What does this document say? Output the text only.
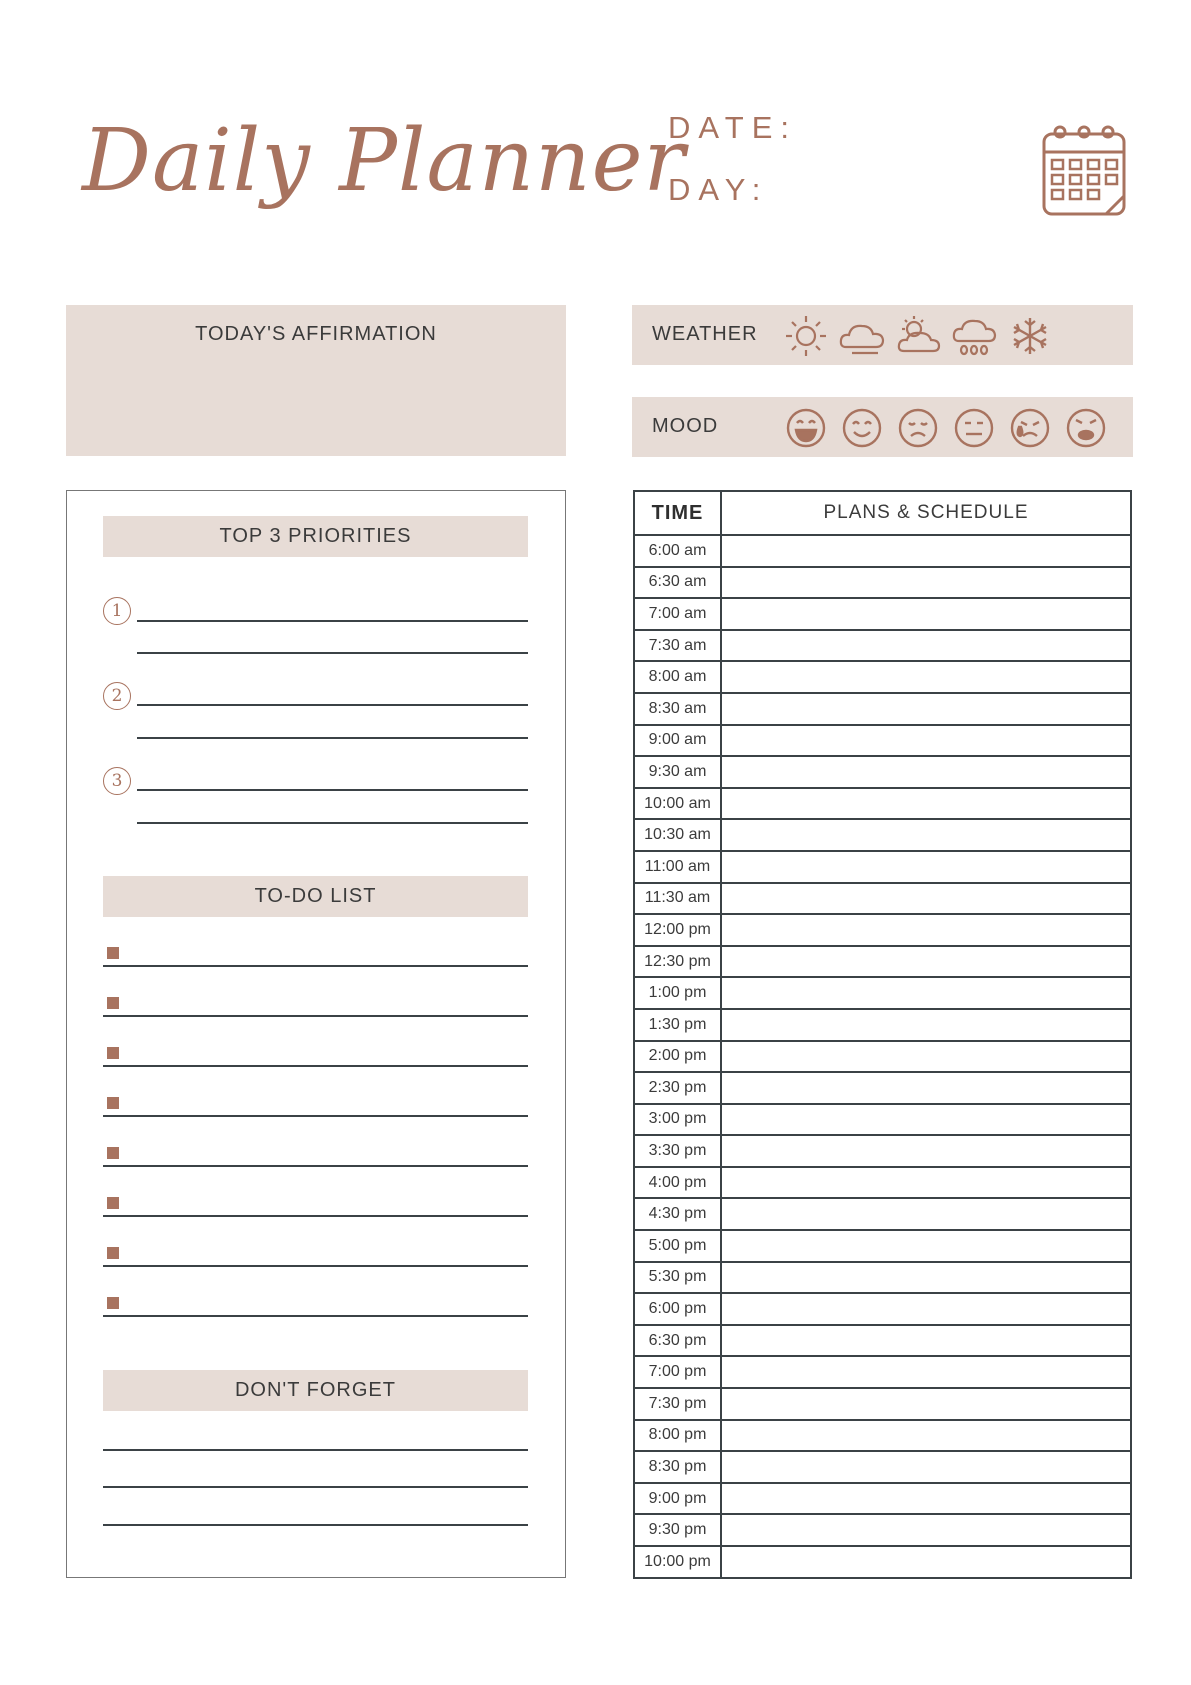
Daily Planner
DATE:
DAY:
TODAY'S AFFIRMATION	WEATHER
MOOD
TOP 3 PRIORITIES
1
2
3
TO-DO LIST
DON'T FORGET
TIME	PLANS & SCHEDULE
6:00 am	
6:30 am	
7:00 am	
7:30 am	
8:00 am	
8:30 am	
9:00 am	
9:30 am	
10:00 am	
10:30 am	
11:00 am	
11:30 am	
12:00 pm	
12:30 pm	
1:00 pm	
1:30 pm	
2:00 pm	
2:30 pm	
3:00 pm	
3:30 pm	
4:00 pm	
4:30 pm	
5:00 pm	
5:30 pm	
6:00 pm	
6:30 pm	
7:00 pm	
7:30 pm	
8:00 pm	
8:30 pm	
9:00 pm	
9:30 pm	
10:00 pm	
